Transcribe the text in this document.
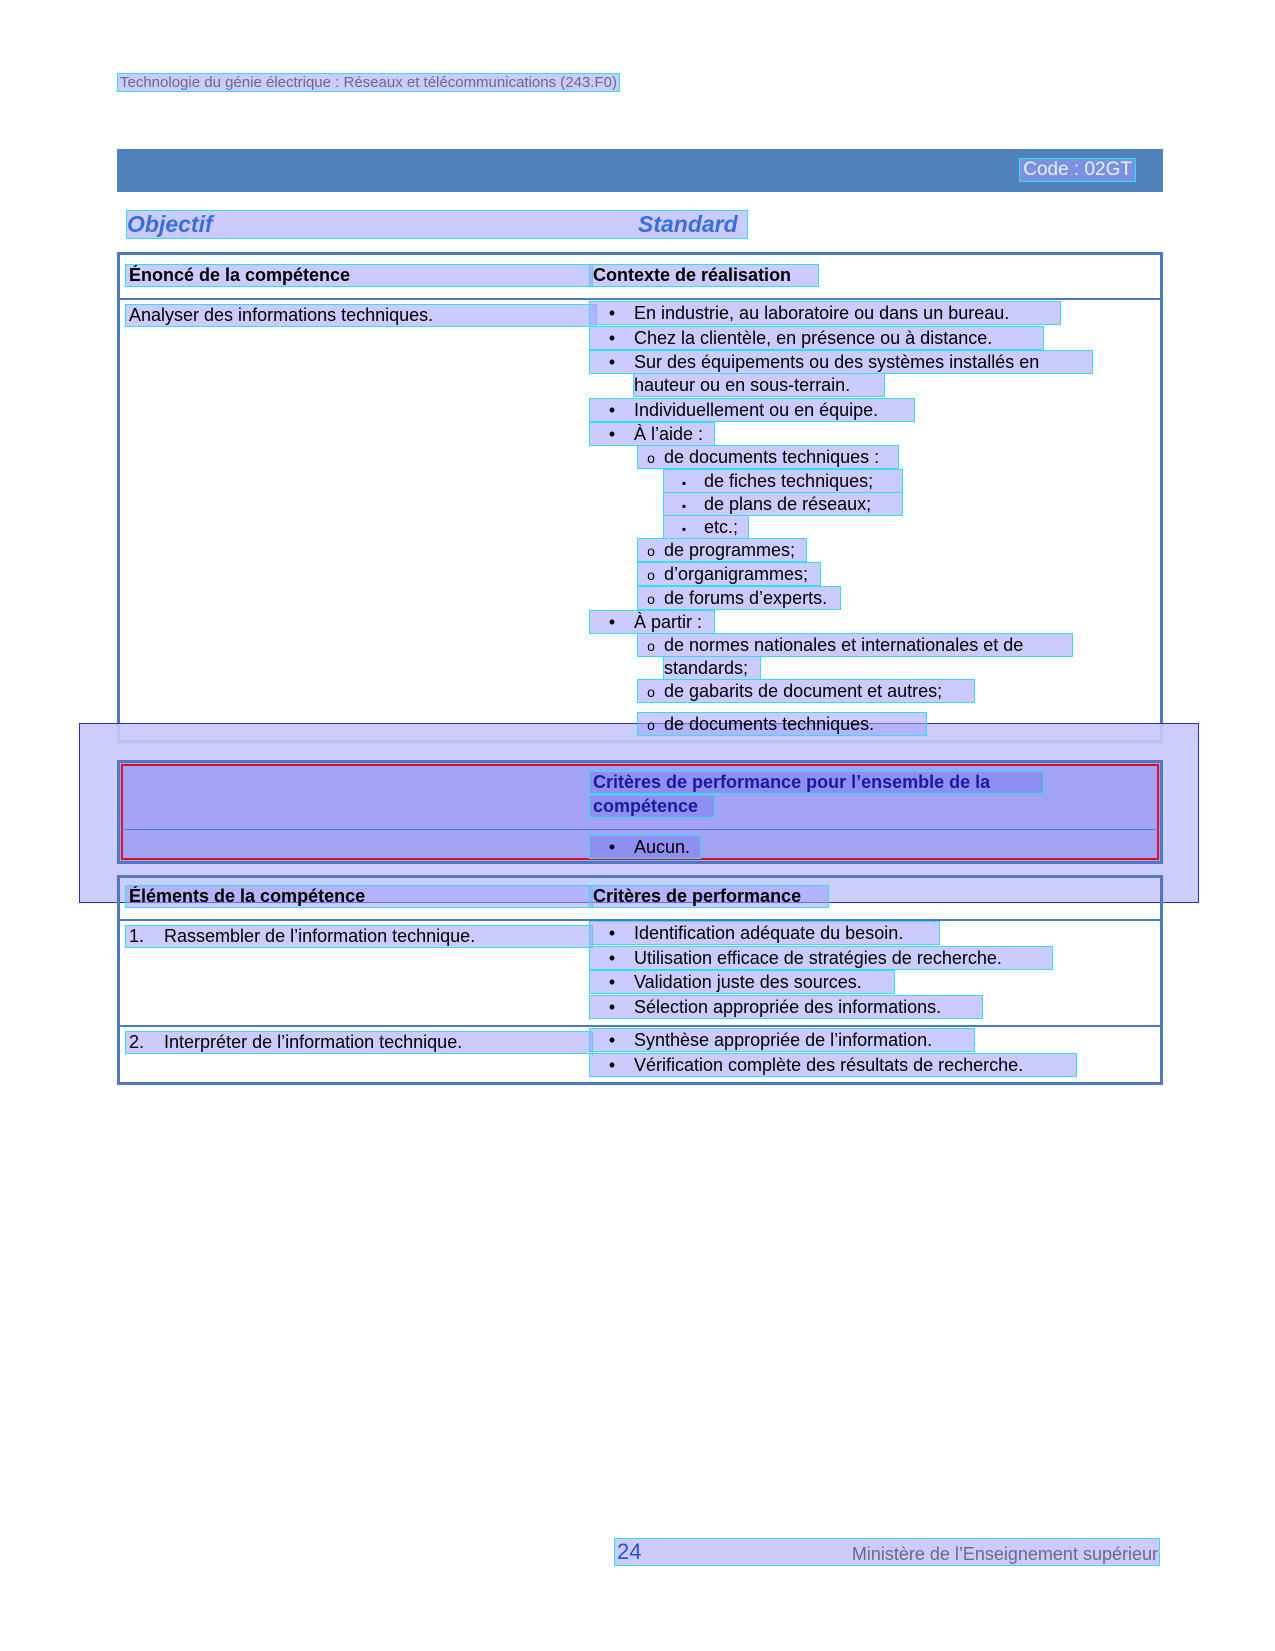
Technologie du génie électrique : Réseaux et télécommunications (243.F0)
Code : 02GT
Objectif	Standard
Énoncé de la compétence	Contexte de réalisation
Analyser des informations techniques.	• En industrie, au laboratoire ou dans un bureau.
• Chez la clientèle, en présence ou à distance.
• Sur des équipements ou des systèmes installés en
hauteur ou en sous-terrain.
• Individuellement ou en équipe.
• À l’aide :
o de documents techniques :
▪ de fiches techniques;
▪ de plans de réseaux;
▪ etc.;
o de programmes;
o d’organigrammes;
o de forums d’experts.
• À partir :
o de normes nationales et internationales et de
standards;
o de gabarits de document et autres;
o de documents techniques.
Critères de performance pour l’ensemble de la
compétence
• Aucun.
Éléments de la compétence	Critères de performance
1. Rassembler de l’information technique.	• Identification adéquate du besoin.
• Utilisation efficace de stratégies de recherche.
• Validation juste des sources.
• Sélection appropriée des informations.
2. Interpréter de l’information technique.	• Synthèse appropriée de l’information.
• Vérification complète des résultats de recherche.
24	Ministère de l’Enseignement supérieur
